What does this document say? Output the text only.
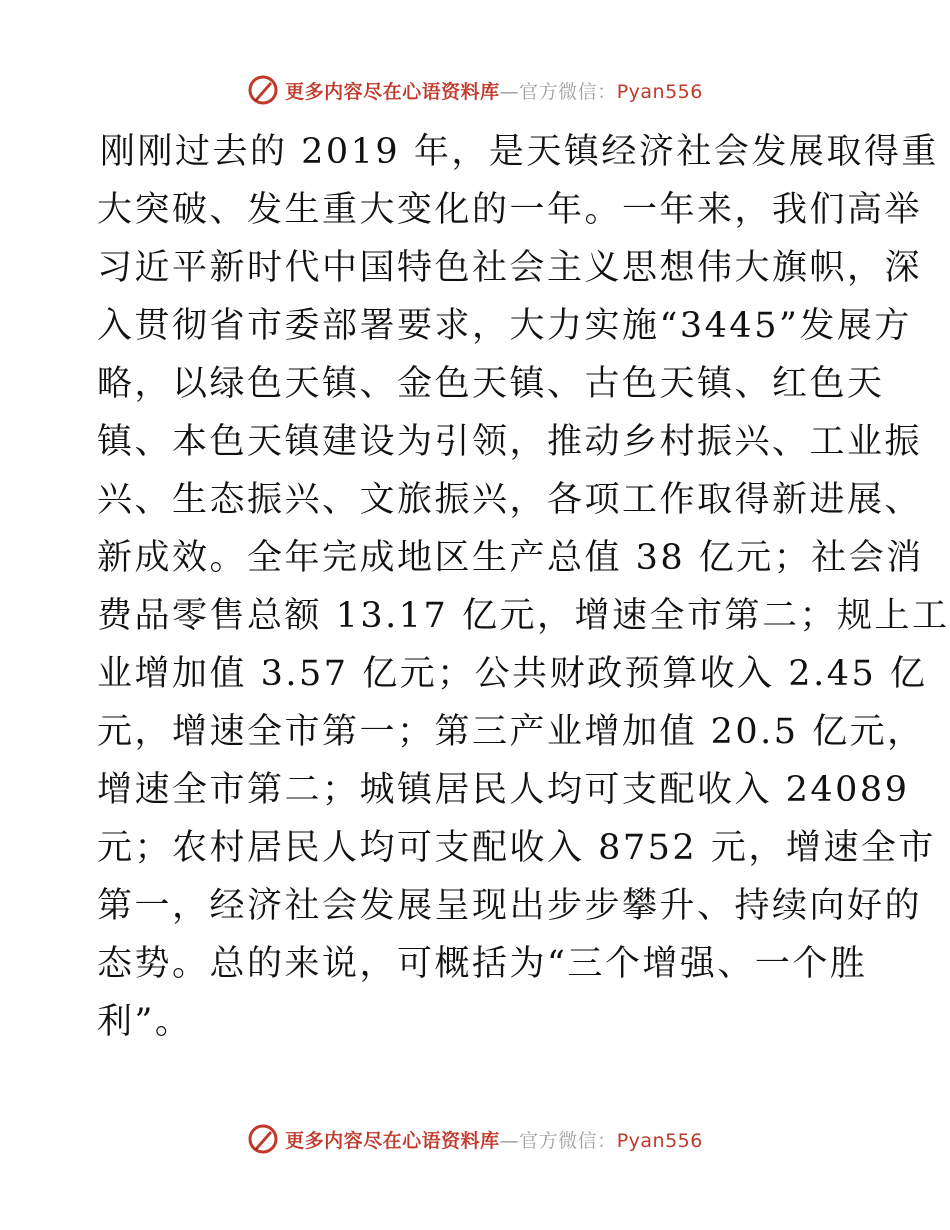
更多内容尽在心语资料库—官方微信：Pyan556
刚刚过去的 2019 年，是天镇经济社会发展取得重
大突破、发生重大变化的一年。一年来，我们高举
习近平新时代中国特色社会主义思想伟大旗帜，深
入贯彻省市委部署要求，大力实施“3445”发展方
略，以绿色天镇、金色天镇、古色天镇、红色天
镇、本色天镇建设为引领，推动乡村振兴、工业振
兴、生态振兴、文旅振兴，各项工作取得新进展、
新成效。全年完成地区生产总值 38 亿元；社会消
费品零售总额 13.17 亿元，增速全市第二；规上工
业增加值 3.57 亿元；公共财政预算收入 2.45 亿
元，增速全市第一；第三产业增加值 20.5 亿元，
增速全市第二；城镇居民人均可支配收入 24089
元；农村居民人均可支配收入 8752 元，增速全市
第一，经济社会发展呈现出步步攀升、持续向好的
态势。总的来说，可概括为“三个增强、一个胜
利”。
更多内容尽在心语资料库—官方微信：Pyan556
